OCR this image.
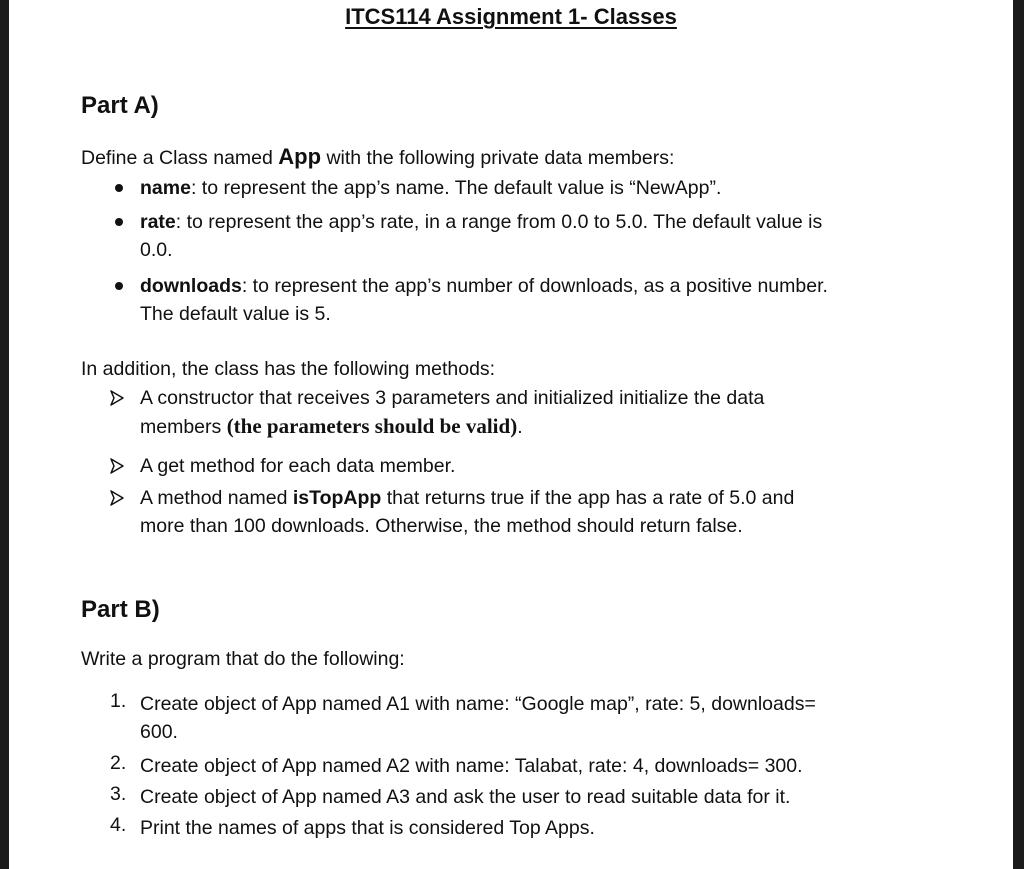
ITCS114 Assignment 1- Classes
Part A)
Define a Class named App with the following private data members:
name: to represent the app’s name. The default value is “NewApp”.
rate: to represent the app’s rate, in a range from 0.0 to 5.0. The default value is
0.0.
downloads: to represent the app’s number of downloads, as a positive number.
The default value is 5.
In addition, the class has the following methods:
A constructor that receives 3 parameters and initialized initialize the data
members (the parameters should be valid).
A get method for each data member.
A method named isTopApp that returns true if the app has a rate of 5.0 and
more than 100 downloads. Otherwise, the method should return false.
Part B)
Write a program that do the following:
1. Create object of App named A1 with name: “Google map”, rate: 5, downloads=
600.
2. Create object of App named A2 with name: Talabat, rate: 4, downloads= 300.
3. Create object of App named A3 and ask the user to read suitable data for it.
4. Print the names of apps that is considered Top Apps.
